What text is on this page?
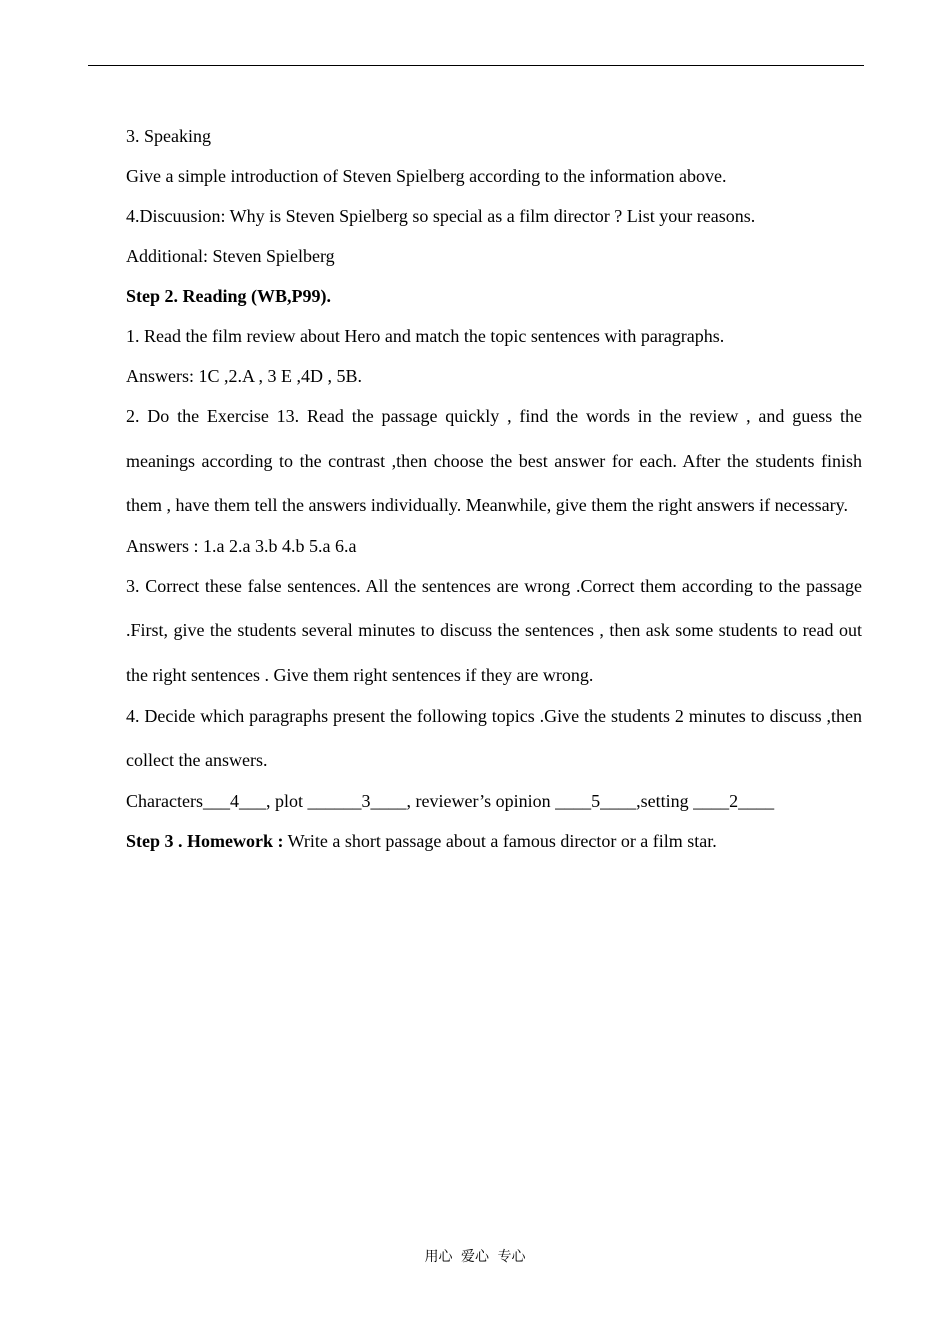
3. Speaking

Give a simple introduction of Steven Spielberg according to the information above.

4.Discuusion: Why is Steven Spielberg so special as a film director ? List your reasons.

Additional: Steven Spielberg

Step 2. Reading (WB,P99).

1. Read the film review about Hero and match the topic sentences with paragraphs.

Answers: 1C ,2.A , 3 E ,4D , 5B.

2. Do the Exercise 13. Read the passage quickly , find the words in the review , and guess the meanings according to the contrast ,then choose the best answer for each. After the students finish them , have them tell the answers individually. Meanwhile, give them the right answers if necessary.

Answers : 1.a 2.a 3.b 4.b 5.a 6.a

3. Correct these false sentences. All the sentences are wrong .Correct them according to the passage .First, give the students several minutes to discuss the sentences , then ask some students to read out the right sentences . Give them right sentences if they are wrong.

4. Decide which paragraphs present the following topics .Give the students 2 minutes to discuss ,then collect the answers.

Characters___4___, plot ______3____, reviewer’s opinion ____5____,setting ____2____

Step 3 . Homework : Write a short passage about a famous director or a film star.

用心 爱心 专心
